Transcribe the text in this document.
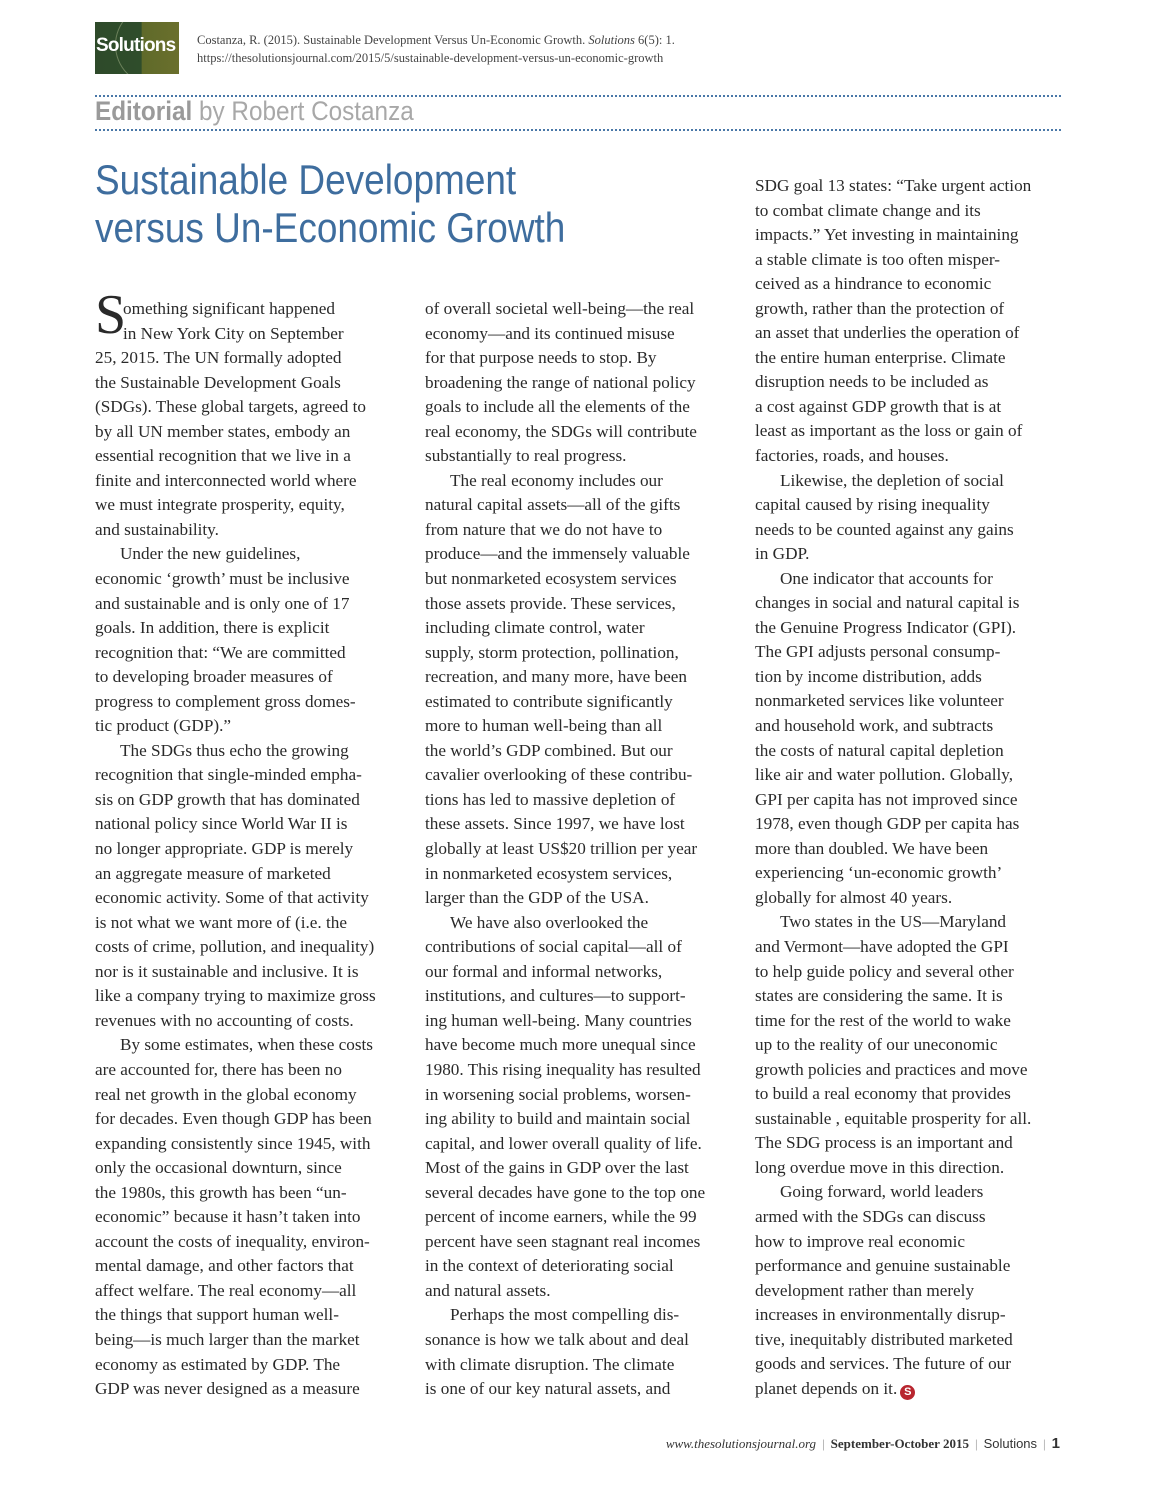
Solutions Costanza, R. (2015). Sustainable Development Versus Un-Economic Growth. Solutions 6(5): 1.
https://thesolutionsjournal.com/2015/5/sustainable-development-versus-un-economic-growth
Editorial by Robert Costanza
Sustainable Development
versus Un-Economic Growth
S
omething significant happened
in New York City on September
25, 2015. The UN formally adopted
the Sustainable Development Goals
(SDGs). These global targets, agreed to
by all UN member states, embody an
essential recognition that we live in a
finite and interconnected world where
we must integrate prosperity, equity,
and sustainability.
Under the new guidelines,
economic ‘growth’ must be inclusive
and sustainable and is only one of 17
goals. In addition, there is explicit
recognition that: “We are committed
to developing broader measures of
progress to complement gross domes-
tic product (GDP).”
The SDGs thus echo the growing
recognition that single-minded empha-
sis on GDP growth that has dominated
national policy since World War II is
no longer appropriate. GDP is merely
an aggregate measure of marketed
economic activity. Some of that activity
is not what we want more of (i.e. the
costs of crime, pollution, and inequality)
nor is it sustainable and inclusive. It is
like a company trying to maximize gross
revenues with no accounting of costs.
By some estimates, when these costs
are accounted for, there has been no
real net growth in the global economy
for decades. Even though GDP has been
expanding consistently since 1945, with
only the occasional downturn, since
the 1980s, this growth has been “un-
economic” because it hasn’t taken into
account the costs of inequality, environ-
mental damage, and other factors that
affect welfare. The real economy—all
the things that support human well-
being—is much larger than the market
economy as estimated by GDP. The
GDP was never designed as a measure
of overall societal well-being—the real
economy—and its continued misuse
for that purpose needs to stop. By
broadening the range of national policy
goals to include all the elements of the
real economy, the SDGs will contribute
substantially to real progress.
The real economy includes our
natural capital assets—all of the gifts
from nature that we do not have to
produce—and the immensely valuable
but nonmarketed ecosystem services
those assets provide. These services,
including climate control, water
supply, storm protection, pollination,
recreation, and many more, have been
estimated to contribute significantly
more to human well-being than all
the world’s GDP combined. But our
cavalier overlooking of these contribu-
tions has led to massive depletion of
these assets. Since 1997, we have lost
globally at least US$20 trillion per year
in nonmarketed ecosystem services,
larger than the GDP of the USA.
We have also overlooked the
contributions of social capital—all of
our formal and informal networks,
institutions, and cultures—to support-
ing human well-being. Many countries
have become much more unequal since
1980. This rising inequality has resulted
in worsening social problems, worsen-
ing ability to build and maintain social
capital, and lower overall quality of life.
Most of the gains in GDP over the last
several decades have gone to the top one
percent of income earners, while the 99
percent have seen stagnant real incomes
in the context of deteriorating social
and natural assets.
Perhaps the most compelling dis-
sonance is how we talk about and deal
with climate disruption. The climate
is one of our key natural assets, and
SDG goal 13 states: “Take urgent action
to combat climate change and its
impacts.” Yet investing in maintaining
a stable climate is too often misper-
ceived as a hindrance to economic
growth, rather than the protection of
an asset that underlies the operation of
the entire human enterprise. Climate
disruption needs to be included as
a cost against GDP growth that is at
least as important as the loss or gain of
factories, roads, and houses.
Likewise, the depletion of social
capital caused by rising inequality
needs to be counted against any gains
in GDP.
One indicator that accounts for
changes in social and natural capital is
the Genuine Progress Indicator (GPI).
The GPI adjusts personal consump-
tion by income distribution, adds
nonmarketed services like volunteer
and household work, and subtracts
the costs of natural capital depletion
like air and water pollution. Globally,
GPI per capita has not improved since
1978, even though GDP per capita has
more than doubled. We have been
experiencing ‘un-economic growth’
globally for almost 40 years.
Two states in the US—Maryland
and Vermont—have adopted the GPI
to help guide policy and several other
states are considering the same. It is
time for the rest of the world to wake
up to the reality of our uneconomic
growth policies and practices and move
to build a real economy that provides
sustainable , equitable prosperity for all.
The SDG process is an important and
long overdue move in this direction.
Going forward, world leaders
armed with the SDGs can discuss
how to improve real economic
performance and genuine sustainable
development rather than merely
increases in environmentally disrup-
tive, inequitably distributed marketed
goods and services. The future of our
planet depends on it. S
www.thesolutionsjournal.org | September-October 2015 | Solutions | 1
